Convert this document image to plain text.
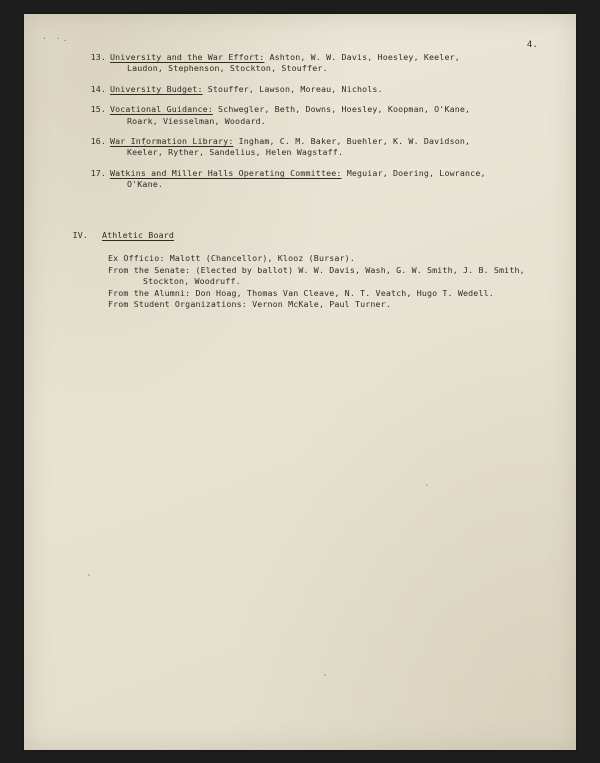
· ·.
4.
13. University and the War Effort: Ashton, W. W. Davis, Hoesley, Keeler,
Laudon, Stephenson, Stockton, Stouffer.
14. University Budget: Stouffer, Lawson, Moreau, Nichols.
15. Vocational Guidance: Schwegler, Beth, Downs, Hoesley, Koopman, O'Kane,
Roark, Viesselman, Woodard.
16. War Information Library: Ingham, C. M. Baker, Buehler, K. W. Davidson,
Keeler, Ryther, Sandelius, Helen Wagstaff.
17. Watkins and Miller Halls Operating Committee: Meguiar, Doering, Lowrance,
O'Kane.
IV. Athletic Board
Ex Officio: Malott (Chancellor), Klooz (Bursar).
From the Senate: (Elected by ballot) W. W. Davis, Wash, G. W. Smith, J. B. Smith,
Stockton, Woodruff.
From the Alumni: Don Hoag, Thomas Van Cleave, N. T. Veatch, Hugo T. Wedell.
From Student Organizations: Vernon McKale, Paul Turner.
